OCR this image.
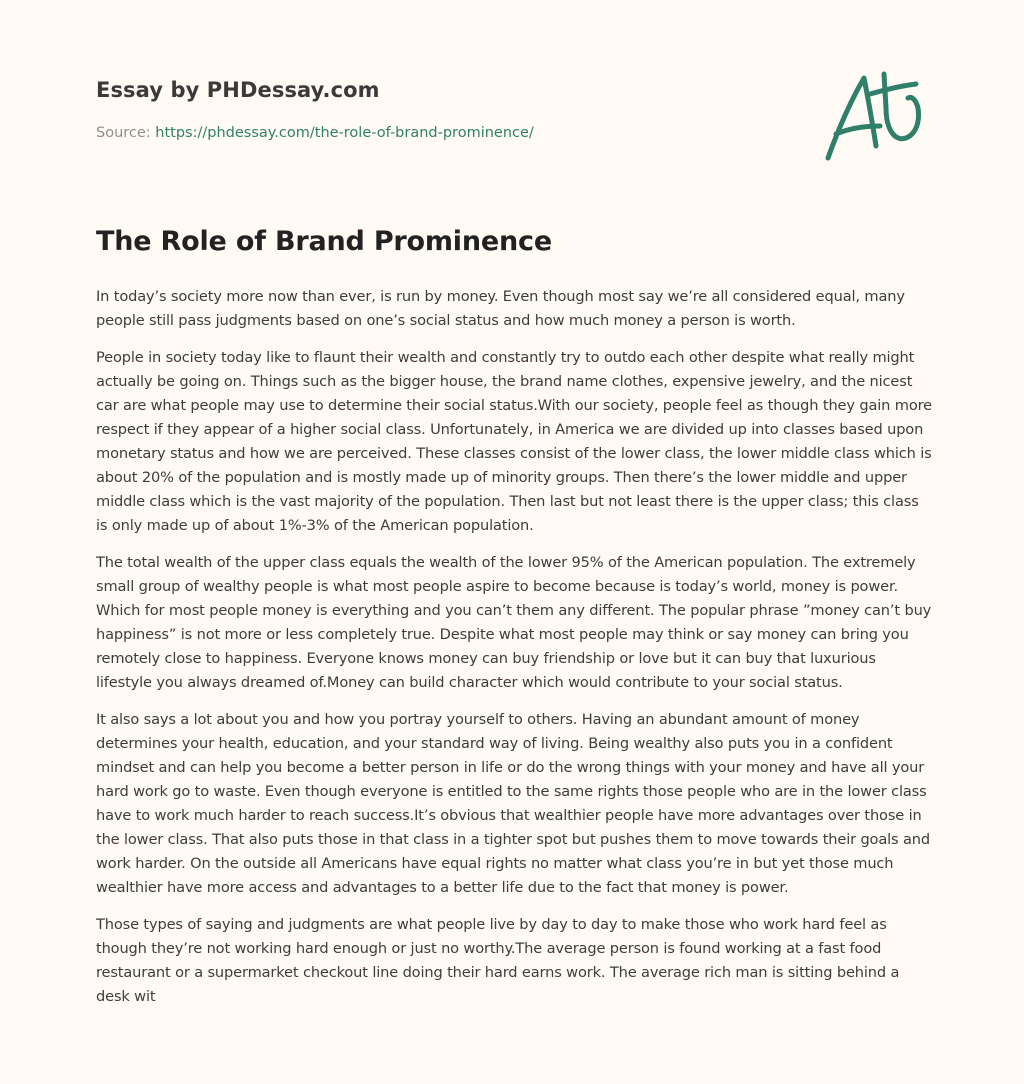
Essay by PHDessay.com
Source: https://phdessay.com/the-role-of-brand-prominence/
The Role of Brand Prominence

In today’s society more now than ever, is run by money. Even though most say we’re all considered equal, many people still pass judgments based on one’s social status and how much money a person is worth.

People in society today like to flaunt their wealth and constantly try to outdo each other despite what really might actually be going on. Things such as the bigger house, the brand name clothes, expensive jewelry, and the nicest car are what people may use to determine their social status.With our society, people feel as though they gain more respect if they appear of a higher social class. Unfortunately, in America we are divided up into classes based upon monetary status and how we are perceived. These classes consist of the lower class, the lower middle class which is about 20% of the population and is mostly made up of minority groups. Then there’s the lower middle and upper middle class which is the vast majority of the population. Then last but not least there is the upper class; this class is only made up of about 1%-3% of the American population.

The total wealth of the upper class equals the wealth of the lower 95% of the American population. The extremely small group of wealthy people is what most people aspire to become because is today’s world, money is power. Which for most people money is everything and you can’t them any different. The popular phrase ”money can’t buy happiness” is not more or less completely true. Despite what most people may think or say money can bring you remotely close to happiness. Everyone knows money can buy friendship or love but it can buy that luxurious lifestyle you always dreamed of.Money can build character which would contribute to your social status.

It also says a lot about you and how you portray yourself to others. Having an abundant amount of money determines your health, education, and your standard way of living. Being wealthy also puts you in a confident mindset and can help you become a better person in life or do the wrong things with your money and have all your hard work go to waste. Even though everyone is entitled to the same rights those people who are in the lower class have to work much harder to reach success.It’s obvious that wealthier people have more advantages over those in the lower class. That also puts those in that class in a tighter spot but pushes them to move towards their goals and work harder. On the outside all Americans have equal rights no matter what class you’re in but yet those much wealthier have more access and advantages to a better life due to the fact that money is power.

Those types of saying and judgments are what people live by day to day to make those who work hard feel as though they’re not working hard enough or just no worthy.The average person is found working at a fast food restaurant or a supermarket checkout line doing their hard earns work. The average rich man is sitting behind a desk wit
